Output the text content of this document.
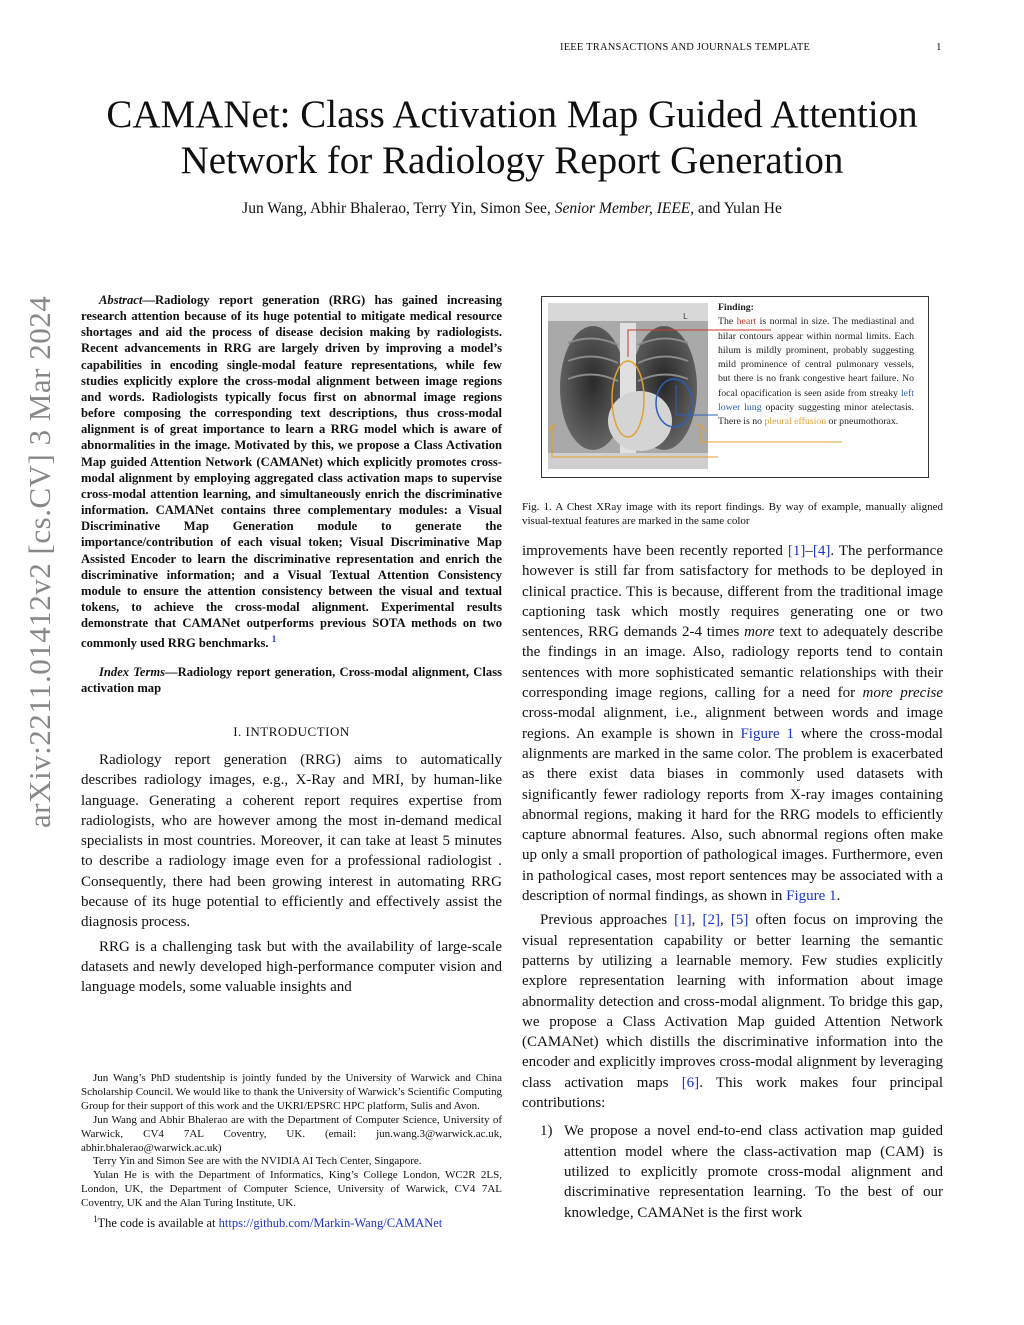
IEEE TRANSACTIONS AND JOURNALS TEMPLATE	1
CAMANet: Class Activation Map Guided Attention
Network for Radiology Report Generation
Jun Wang, Abhir Bhalerao, Terry Yin, Simon See, Senior Member, IEEE, and Yulan He
arXiv:2211.01412v2 [cs.CV] 3 Mar 2024	Abstract—Radiology report generation (RRG) has gained increasing research attention because of its huge potential to mitigate medical resource shortages and aid the process of disease decision making by radiologists. Recent advancements in RRG are largely driven by improving a model’s capabilities in encoding single-modal feature representations, while few studies explicitly explore the cross-modal alignment between image regions and words. Radiologists typically focus first on abnormal image regions before composing the corresponding text descriptions, thus cross-modal alignment is of great importance to learn a RRG model which is aware of abnormalities in the image. Motivated by this, we propose a Class Activation Map guided Attention Network (CAMANet) which explicitly promotes cross-modal alignment by employing aggregated class activation maps to supervise cross-modal attention learning, and simultaneously enrich the discriminative information. CAMANet contains three complementary modules: a Visual Discriminative Map Generation module to generate the importance/contribution of each visual token; Visual Discriminative Map Assisted Encoder to learn the discriminative representation and enrich the discriminative information; and a Visual Textual Attention Consistency module to ensure the attention consistency between the visual and textual tokens, to achieve the cross-modal alignment. Experimental results demonstrate that CAMANet outperforms previous SOTA methods on two commonly used RRG benchmarks. $^1$

Index Terms—Radiology report generation, Cross-modal alignment, Class activation map

I. INTRODUCTION

Radiology report generation (RRG) aims to automatically describes radiology images, e.g., X-Ray and MRI, by human-like language. Generating a coherent report requires expertise from radiologists, who are however among the most in-demand medical specialists in most countries. Moreover, it can take at least 5 minutes to describe a radiology image even for a professional radiologist . Consequently, there had been growing interest in automating RRG because of its huge potential to efficiently and effectively assist the diagnosis process.

RRG is a challenging task but with the availability of large-scale datasets and newly developed high-performance computer vision and language models, some valuable insights and

Jun Wang’s PhD studentship is jointly funded by the University of Warwick and China Scholarship Council. We would like to thank the University of Warwick’s Scientific Computing Group for their support of this work and the UKRI/EPSRC HPC platform, Sulis and Avon.

Jun Wang and Abhir Bhalerao are with the Department of Computer Science, University of Warwick, CV4 7AL Coventry, UK. (email: jun.wang.3@warwick.ac.uk, abhir.bhalerao@warwick.ac.uk)

Terry Yin and Simon See are with the NVIDIA AI Tech Center, Singapore.

Yulan He is with the Department of Informatics, King’s College London, WC2R 2LS, London, UK, the Department of Computer Science, University of Warwick, CV4 7AL Coventry, UK and the Alan Turing Institute, UK.

$^1$The code is available at https://github.com/Markin-Wang/CAMANet

L
Finding:
The heart is normal in size. The mediastinal and hilar contours appear within normal limits. Each hilum is mildly prominent, probably suggesting mild prominence of central pulmonary vessels, but there is no frank congestive heart failure. No focal opacification is seen aside from streaky left lower lung opacity suggesting minor atelectasis. There is no pleural effusion or pneumothorax.
Fig. 1. A Chest XRay image with its report findings. By way of example, manually aligned visual-textual features are marked in the same color

improvements have been recently reported [1]–[4]. The performance however is still far from satisfactory for methods to be deployed in clinical practice. This is because, different from the traditional image captioning task which mostly requires generating one or two sentences, RRG demands 2-4 times more text to adequately describe the findings in an image. Also, radiology reports tend to contain sentences with more sophisticated semantic relationships with their corresponding image regions, calling for a need for more precise cross-modal alignment, i.e., alignment between words and image regions. An example is shown in Figure 1 where the cross-modal alignments are marked in the same color. The problem is exacerbated as there exist data biases in commonly used datasets with significantly fewer radiology reports from X-ray images containing abnormal regions, making it hard for the RRG models to efficiently capture abnormal features. Also, such abnormal regions often make up only a small proportion of pathological images. Furthermore, even in pathological cases, most report sentences may be associated with a description of normal findings, as shown in Figure 1.

Previous approaches [1], [2], [5] often focus on improving the visual representation capability or better learning the semantic patterns by utilizing a learnable memory. Few studies explicitly explore representation learning with information about image abnormality detection and cross-modal alignment. To bridge this gap, we propose a Class Activation Map guided Attention Network (CAMANet) which distills the discriminative information into the encoder and explicitly improves cross-modal alignment by leveraging class activation maps [6]. This work makes four principal contributions:

1) We propose a novel end-to-end class activation map guided attention model where the class-activation map (CAM) is utilized to explicitly promote cross-modal alignment and discriminative representation learning. To the best of our knowledge, CAMANet is the first work
